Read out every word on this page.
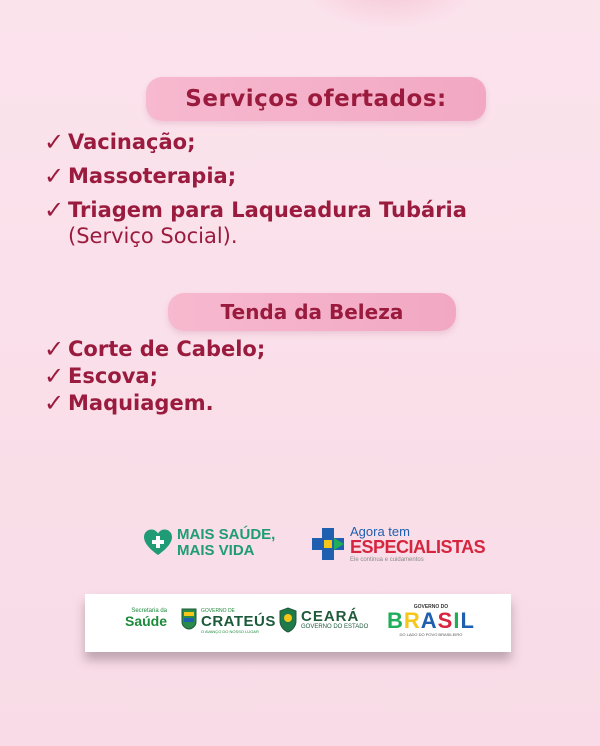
Serviços ofertados:
✓ Vacinação;
✓ Massoterapia;
✓ Triagem para Laqueadura Tubária
(Serviço Social).
Tenda da Beleza
✓ Corte de Cabelo;
✓ Escova;
✓ Maquiagem.
MAIS SAÚDE,
MAIS VIDA
Agora tem
ESPECIALISTAS
Ele continua e cuidamentos
Secretaria da
Saúde
GOVERNO DE
CRATEÚS
O AVANÇO DO NOSSO LUGAR
CEARÁ
GOVERNO DO ESTADO
GOVERNO DO
BRASIL
DO LADO DO POVO BRASILEIRO
